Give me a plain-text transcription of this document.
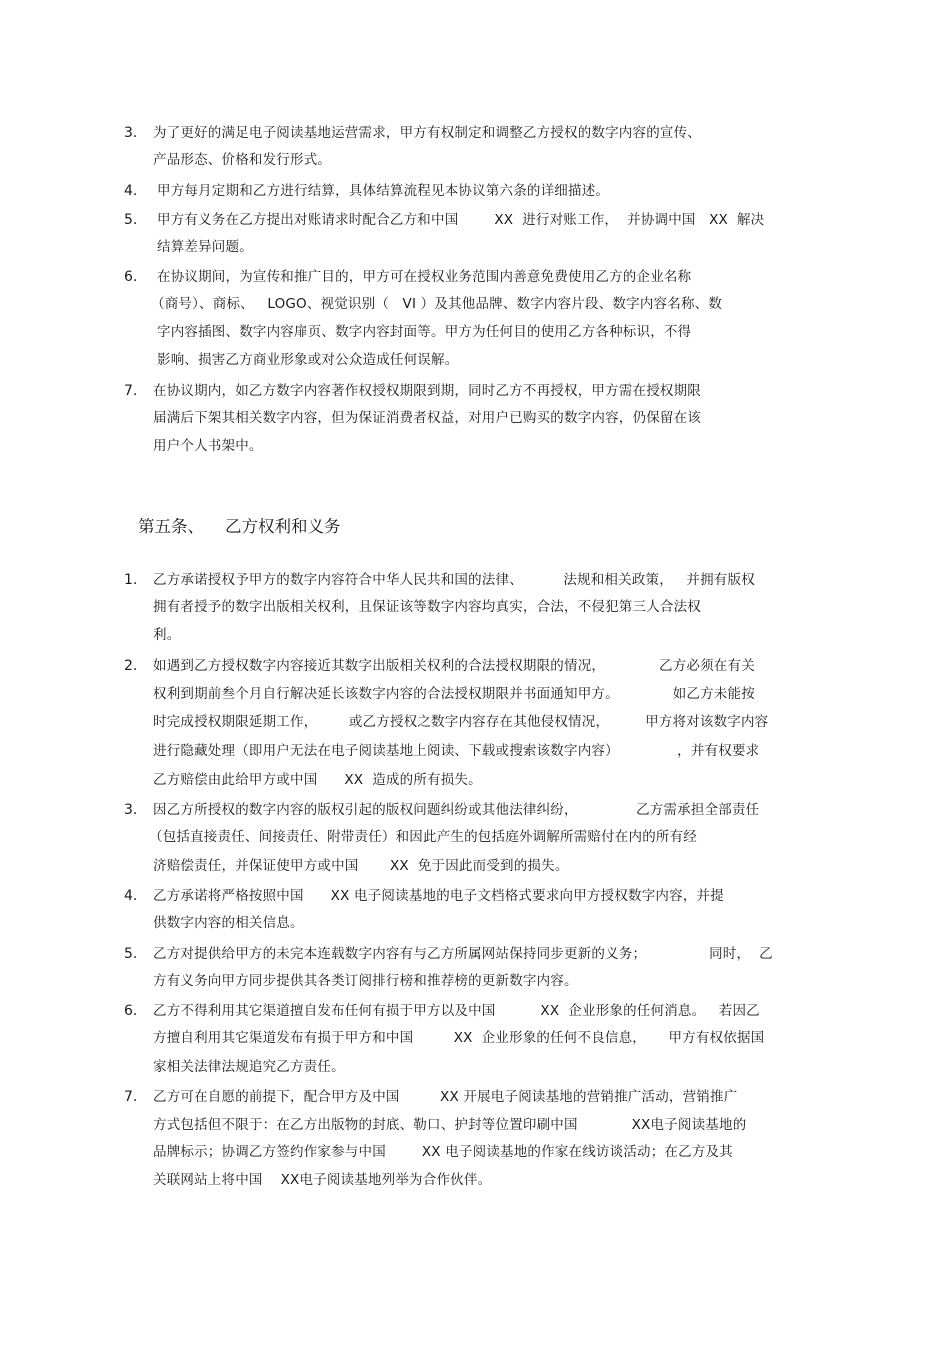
3.	为了更好的满足电子阅读基地运营需求，甲方有权制定和调整乙方授权的数字内容的宣传、
产品形态、价格和发行形式。
4.	甲方每月定期和乙方进行结算，具体结算流程见本协议第六条的详细描述。
5.	甲方有义务在乙方提出对账请求时配合乙方和中国        XX  进行对账工作，  并协调中国   XX  解决
结算差异问题。
6.	在协议期间，为宣传和推广目的，甲方可在授权业务范围内善意免费使用乙方的企业名称
（商号）、商标、   LOGO、视觉识别（   VI ）及其他品牌、数字内容片段、数字内容名称、数
字内容插图、数字内容扉页、数字内容封面等。甲方为任何目的使用乙方各种标识，不得
影响、损害乙方商业形象或对公众造成任何误解。
7.	在协议期内，如乙方数字内容著作权授权期限到期，同时乙方不再授权，甲方需在授权期限
届满后下架其相关数字内容，但为保证消费者权益，对用户已购买的数字内容，仍保留在该
用户个人书架中。
第五条、    乙方权利和义务
1.	乙方承诺授权予甲方的数字内容符合中华人民共和国的法律、         法规和相关政策，   并拥有版权
拥有者授予的数字出版相关权利，且保证该等数字内容均真实，合法，不侵犯第三人合法权
利。
2.	如遇到乙方授权数字内容接近其数字出版相关权利的合法授权期限的情况，            乙方必须在有关
权利到期前叁个月自行解决延长该数字内容的合法授权期限并书面通知甲方。            如乙方未能按
时完成授权期限延期工作，       或乙方授权之数字内容存在其他侵权情况，        甲方将对该数字内容
进行隐藏处理（即用户无法在电子阅读基地上阅读、下载或搜索该数字内容）             ，并有权要求
乙方赔偿由此给甲方或中国      XX  造成的所有损失。
3.	因乙方所授权的数字内容的版权引起的版权问题纠纷或其他法律纠纷，             乙方需承担全部责任
（包括直接责任、间接责任、附带责任）和因此产生的包括庭外调解所需赔付在内的所有经
济赔偿责任，并保证使甲方或中国       XX  免于因此而受到的损失。
4.	乙方承诺将严格按照中国      XX 电子阅读基地的电子文档格式要求向甲方授权数字内容，并提
供数字内容的相关信息。
5.	乙方对提供给甲方的未完本连载数字内容有与乙方所属网站保持同步更新的义务；              同时，  乙
方有义务向甲方同步提供其各类订阅排行榜和推荐榜的更新数字内容。
6.	乙方不得利用其它渠道擅自发布任何有损于甲方以及中国          XX  企业形象的任何消息。   若因乙
方擅自利用其它渠道发布有损于甲方和中国         XX  企业形象的任何不良信息，     甲方有权依据国
家相关法律法规追究乙方责任。
7.	乙方可在自愿的前提下，配合甲方及中国         XX 开展电子阅读基地的营销推广活动，营销推广
方式包括但不限于：在乙方出版物的封底、勒口、护封等位置印刷中国            XX电子阅读基地的
品牌标示；协调乙方签约作家参与中国        XX 电子阅读基地的作家在线访谈活动；在乙方及其
关联网站上将中国    XX电子阅读基地列举为合作伙伴。
